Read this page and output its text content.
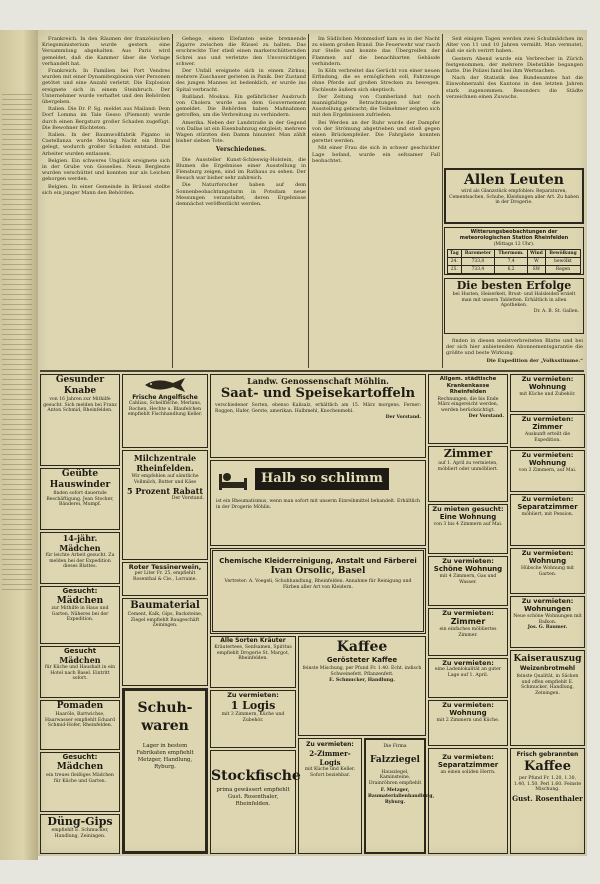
Frankreich. In den Räumen der französischen Kriegsministerium wurde gestern eine Versammlung abgehalten. Aus Paris wird gemeldet, daß die Kammer über die Vorlage verhandelt hat.

Frankreich. In Familien bei Port Vendres wurden mit einer Dynamitexplosion vier Personen getötet und eine Anzahl verletzt. Die Explosion ereignete sich in einem Steinbruch. Der Unternehmer wurde verhaftet und den Behörden übergeben.

Italien. Die Dr. P. Sg. meldet aus Mailand: Dem Dorf Lomma im Tale Gesso (Piemont) wurde durch einen Bergsturz großer Schaden zugefügt. Die Bewohner flüchteten.

Italien. In der Baumwollfabrik Pigamo in Castellanza wurde Montag Nacht ein Brand gelegt, wodurch großer Schaden entstand. Die Arbeiter wurden entlassen.

Belgien. Ein schweres Unglück ereignete sich in der Grube von Gosselies. Neun Bergleute wurden verschüttet und konnten nur als Leichen geborgen werden.

Belgien. In einer Gemeinde in Brüssel stellte sich ein junger Mann den Behörden.

Gehege, einem Elefanten seine brennende Zigarre zwischen die Rüssel zu halten. Das erschreckte Tier stieß einen markerschütternden Schrei aus und verletzte den Unvorsichtigen schwer.

Der Unfall ereignete sich in einem Zirkus; mehrere Zuschauer gerieten in Panik. Der Zustand des jungen Mannes ist bedenklich, er wurde ins Spital verbracht.

Rußland. Moskau. Ein gefährlicher Ausbruch von Cholera wurde aus dem Gouvernement gemeldet. Die Behörden haben Maßnahmen getroffen, um die Verbreitung zu verhindern.

Amerika. Neben der Landstraße in der Gegend von Dallas ist ein Eisenbahnzug entgleist; mehrere Wagen stürzten den Damm hinunter. Man zählt bisher sieben Tote.

Verschiedenes.

Die Aussteller Kunst-Schleswig-Holstein, die Blumen die Ergebnisse einer Ausstellung in Flensburg zeigen, sind im Rathaus zu sehen. Der Besuch war bisher sehr zahlreich.

Die Naturforscher haben auf dem Sonnenbeobachtungsturm in Potsdam neue Messungen veranstaltet, deren Ergebnisse demnächst veröffentlicht werden.

Im Südlichen Mommsdorf kam es in der Nacht zu einem großen Brand. Die Feuerwehr war rasch zur Stelle und konnte das Übergreifen der Flammen auf die benachbarten Gebäude verhindern.

In Köln verbreitet das Gerücht von einer neuen Erfindung, die es ermöglichen soll, Fahrzeuge ohne Pferde auf großen Strecken zu bewegen. Fachleute äußern sich skeptisch.

Der Zeitung von Cumberland hat noch mannigfaltige Betrachtungen über die Ausstellung gebracht; die Teilnehmer zeigten sich mit den Ergebnissen zufrieden.

Bei Werden an der Ruhr wurde der Dampfer von der Strömung abgetrieben und stieß gegen einen Brückenpfeiler. Die Fahrgäste konnten gerettet werden.

Mit einer Frau die sich in schwer geschickter Lage befand, wurde ein seltsamer Fall beobachtet.

Seit einigen Tagen werden zwei Schulmädchen im Alter von 11 und 10 Jahren vermißt. Man vermutet, daß sie sich verirrt haben.

Gestern Abend wurde ein Verbrecher in Zürich festgenommen, der mehrere Diebstähle begangen hatte. Die Polizei fand bei ihm Wertsachen.

Nach der Statistik des Bundesamtes hat die Einwohnerzahl des Kantons in den letzten Jahren stark zugenommen. Besonders die Städte verzeichnen einen Zuwachs.

Allen Leuten
wird als Glanzstück empfohlen: Reparaturen, Cementsachen, Schuhe, Kleidungen aller Art. Zu haben in der Drogerie.
Witterungsbeobachtungen der meteorologischen Station Rheinfelden
(Mittags 12 Uhr).
Tag	Barometer	Thermom.	Wind	Bewölkung
24.	733,8	7,4	W	bewölkt
25.	733,4	6,2	SW	Regen
Die besten Erfolge
bei Husten, Heiserkeit, Brust- und Halsleiden erzielt man mit unsern Tabletten. Erhältlich in allen Apotheken.
Dr. A. B. St. Gallen.

finden in diesen meistverbreiteten Blatte und bei der sich hier anbietenden Abonnementsgarantie die größte und beste Wirkung.

Die Expedition der „Volksstimme.“

Gesunder Knabe
von 16 Jahren zur Mithilfe gesucht. Sich melden bei Franz Anton Schmid, Rheinfelden.
Geübte Hauswinder
finden sofort dauernde Beschäftigung. Jean Stocker, Bänderei, Mumpf.
14-jähr. Mädchen
für leichte Arbeit gesucht. Zu melden bei der Expedition dieses Blattes.
Gesucht:
Mädchen
zur Mithilfe in Haus und Garten. Näheres bei der Expedition.
Gesucht
Mädchen
für Küche und Haushalt in ein Hotel nach Basel. Eintritt sofort.
Pomaden
Haaröle, Bartwichse, Haarwasser empfiehlt Eduard Schmid-Hofer, Rheinfelden.
Gesucht:
Mädchen
ein treues fleißiges Mädchen für Küche und Garten.
Düng-Gips
empfiehlt E. Schmucker, Handlung, Zeiningen.
Frische Angelfische
Cabliau, Schellfische, Merlans, Rochen, Hechte u. Blaufelchen empfiehlt Fischhandlung Keller.
Milchzentrale Rheinfelden.
Wir empfehlen auf sämtliche Vollmilch, Butter und Käse
5 Prozent Rabatt
Der Vorstand.
Roter Tessinerwein,
per Liter Fr. 25, empfiehlt Rosenthal & Cie., Lorraine.
Baumaterial
Cement, Kalk, Gips, Backsteine, Ziegel empfiehlt Baugeschäft Zeiningen.
Schuh-waren
Lager in bestem Fabrikaten empfiehlt Metzger, Handlung, Ryburg.
Landw. Genossenschaft Möhlin.
Saat- und Speisekartoffeln
verschiedener Sorten, ebenso Kalisalz, erhältlich am 15. März morgens. Ferner: Roggen, Hafer, Gerste, amerikan. Halbmehl, Knochenmehl.
Der Vorstand.
Halb so schlimm
ist ein Rheumatismus, wenn man sofort mit unserm Einreibmittel behandelt. Erhältlich in der Drogerie Möhlin.
Chemische Kleiderreinigung, Anstalt und Färberei
Ivan Orsolic, Basel
Vertreter: A. Voegeli, Schuhhandlung, Rheinfelden. Annahme für Reinigung und Färben aller Art von Kleidern.
Alle Sorten Kräuter
Kräutertees, Senfsamen, Spiritus empfiehlt Drogerie St. Margot, Rheinfelden.
Zu vermieten:
1 Logis
mit 3 Zimmern, Küche und Zubehör.
Stockfische
prima gewässert empfiehlt Gust. Rosenthaler, Rheinfelden.
Kaffee
Gerösteter Kaffee
feinste Mischung, per Pfund Fr. 1.40. Echt. indisch Schweinefett. Pflanzenfett.
E. Schmucker, Handlung.
Zu vermieten:
2-Zimmer-Logis
mit Küche und Keller. Sofort beziehbar.
Die Firma
Falzziegel
Hausziegel, Kaminsteine, Drainröhren empfiehlt
F. Metzger, Baumaterialienhandlung, Ryburg.
Allgem. städtische Krankenkasse Rheinfelden
Rechnungen, die bis Ende März eingereicht werden, werden berücksichtigt.
Der Vorstand.
Zimmer
auf 1. April zu vermieten, möbliert oder unmöbliert.
Zu mieten gesucht:
Eine Wohnung
von 3 bis 4 Zimmern auf Mai.
Zu vermieten:
Schöne Wohnung
mit 4 Zimmern, Gas und Wasser.
Zu vermieten:
Zimmer
ein einfaches möbliertes Zimmer.
Zu vermieten:
eine Ladenlokalität an guter Lage auf 1. April.
Zu vermieten:
Wohnung
mit 2 Zimmern und Küche.
Zu vermieten:
Separatzimmer
an einen soliden Herrn.
Zu vermieten:
Wohnung
mit Küche und Zubehör.
Zu vermieten:
Zimmer
Auskunft erteilt die Expedition.
Zu vermieten:
Wohnung
von 3 Zimmern, auf Mai.
Zu vermieten:
Separatzimmer
möbliert, mit Pension.
Zu vermieten:
Wohnung
Hübsche Wohnung mit Garten.
Zu vermieten:
Wohnungen
Neue schöne Wohnungen mit Balkon.
Jos. G. Baumer.
Kaiserauszug
Weizenbrotmehl
feinste Qualität, in Säcken und offen empfiehlt E. Schmucker, Handlung, Zeiningen.
Frisch gebrannten
Kaffee
per Pfund Fr. 1.20, 1.30, 1.40, 1.50. Perl 1.60. Feinste Mischung.
Gust. Rosenthaler
